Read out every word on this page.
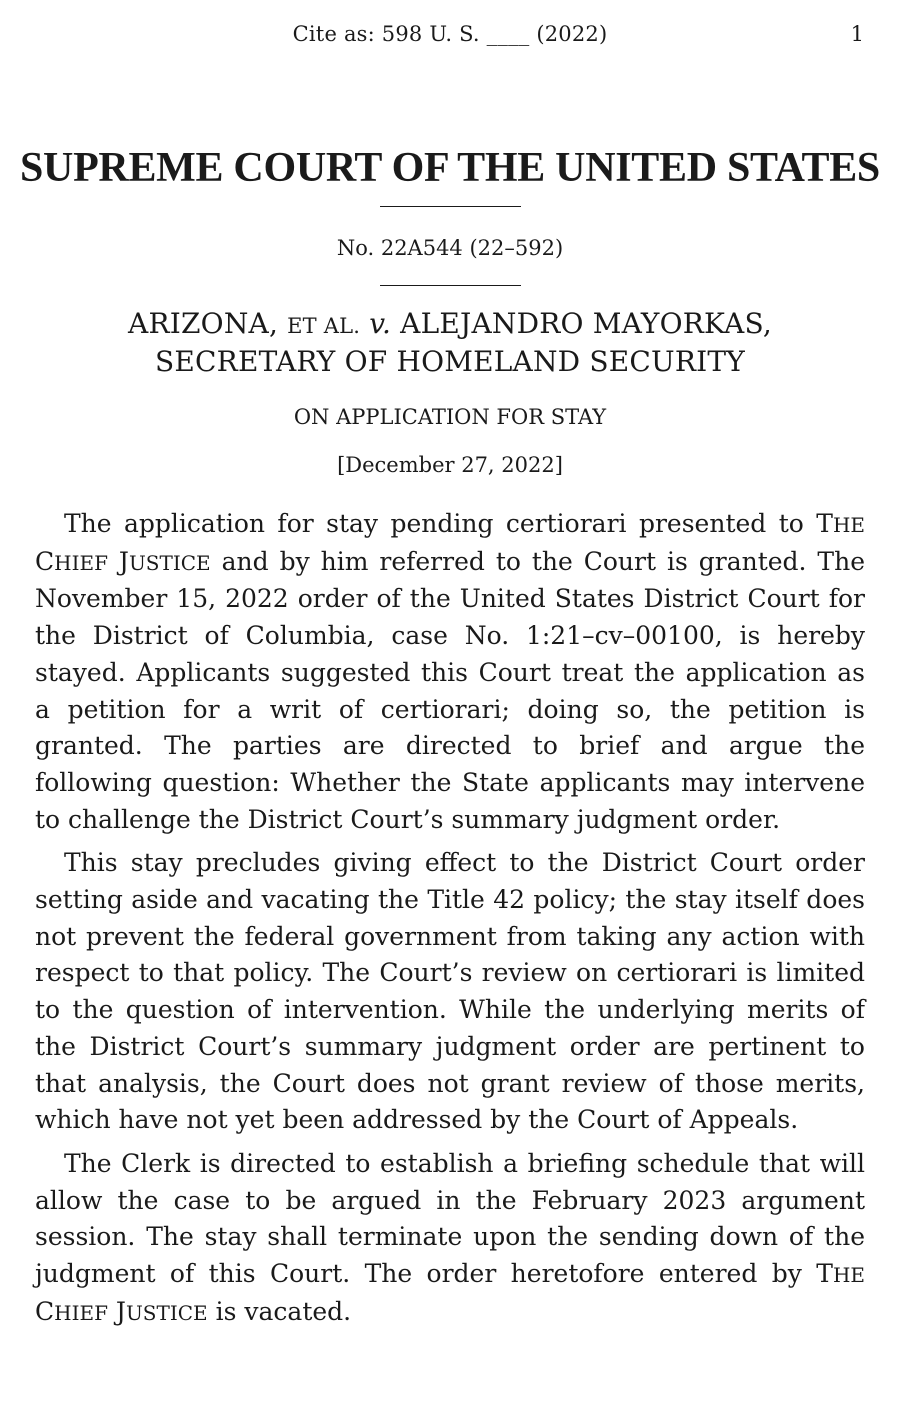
Cite as: 598 U. S. ____ (2022)	1
SUPREME COURT OF THE UNITED STATES
No. 22A544 (22–592)
ARIZONA, ET AL. v. ALEJANDRO MAYORKAS,
SECRETARY OF HOMELAND SECURITY
ON APPLICATION FOR STAY
[December 27, 2022]

The application for stay pending certiorari presented to THE CHIEF JUSTICE and by him referred to the Court is granted. The November 15, 2022 order of the United States District Court for the District of Columbia, case No. 1:21–cv–00100, is hereby stayed. Applicants suggested this Court treat the application as a petition for a writ of certiorari; doing so, the petition is granted. The parties are directed to brief and argue the following question: Whether the State applicants may intervene to challenge the District Court’s summary judgment order.

This stay precludes giving effect to the District Court order setting aside and vacating the Title 42 policy; the stay itself does not prevent the federal government from taking any action with respect to that policy. The Court’s review on certiorari is limited to the question of intervention. While the underlying merits of the District Court’s summary judgment order are pertinent to that analysis, the Court does not grant review of those merits, which have not yet been addressed by the Court of Appeals.

The Clerk is directed to establish a briefing schedule that will allow the case to be argued in the February 2023 argument session. The stay shall terminate upon the sending down of the judgment of this Court. The order heretofore entered by THE CHIEF JUSTICE is vacated.
